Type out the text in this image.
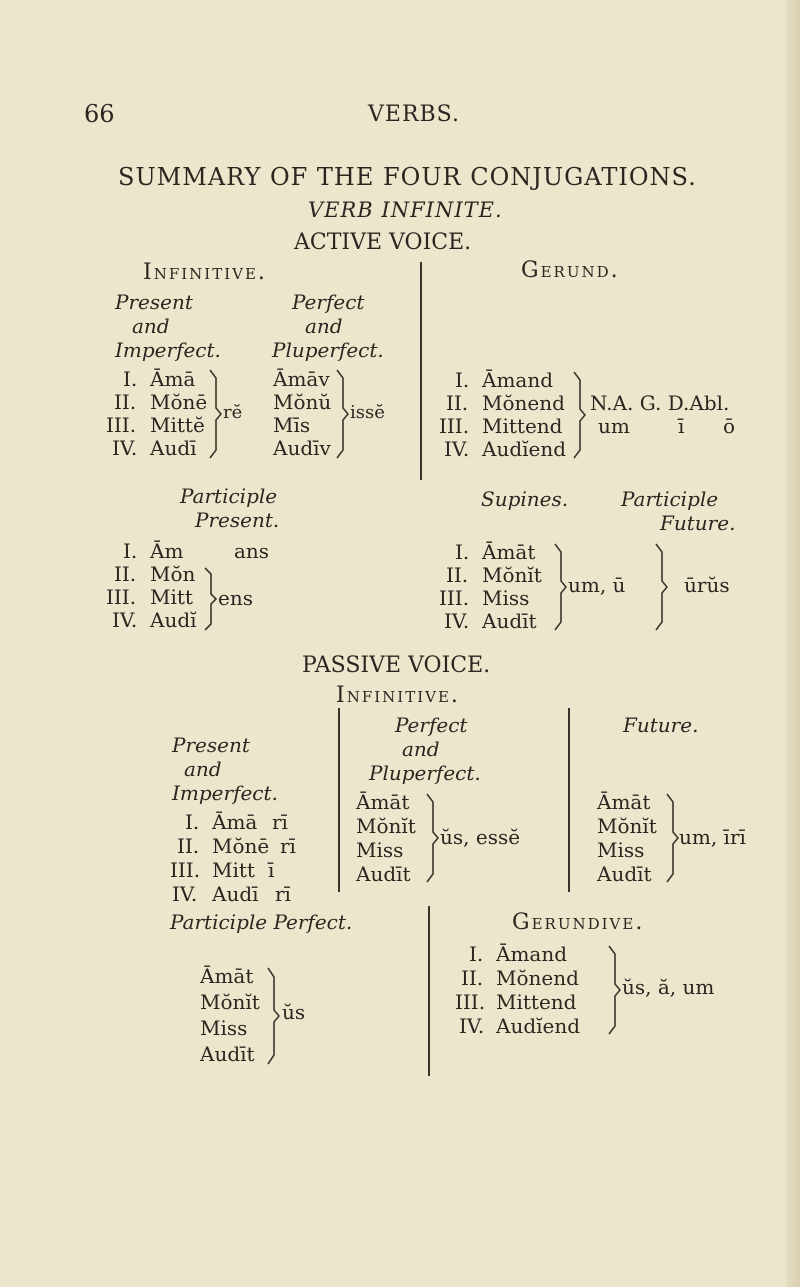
66	VERBS.
SUMMARY OF THE FOUR CONJUGATIONS.
VERB INFINITE.
ACTIVE VOICE.
Infinitive.
Present
and
Imperfect.
Perfect
and
Pluperfect.
I.
II.
III.
IV.
Āmā
Mŏnē
Mittĕ
Audī
rĕ
Āmāv
Mŏnŭ
Mīs
Audīv
issĕ
Participle
Present.
I.
II.
III.
IV.
Ām
Mŏn
Mitt
Audĭ
ans
ens
Gerund.
I.
II.
III.
IV.
Āmand
Mŏnend
Mittend
Audĭend
N.A. G. D.Abl.
um ī ō
Supines.
I.
II.
III.
IV.
Āmāt
Mŏnĭt
Miss
Audīt
um, ū
Participle
Future.
ūrŭs
PASSIVE VOICE.
Infinitive.
Present
and
Imperfect.
I.
II.
III.
IV.
Āmā
Mŏnē
Mitt
Audī
rī
rī
ī
rī
Perfect
and
Pluperfect.
Āmāt
Mŏnĭt
Miss
Audīt
ŭs, essĕ
Future.
Āmāt
Mŏnĭt
Miss
Audīt
um, īrī
Participle Perfect.
Āmāt
Mŏnĭt
Miss
Audīt
ŭs
Gerundive.
I.
II.
III.
IV.
Āmand
Mŏnend
Mittend
Audĭend
ŭs, ă, um
